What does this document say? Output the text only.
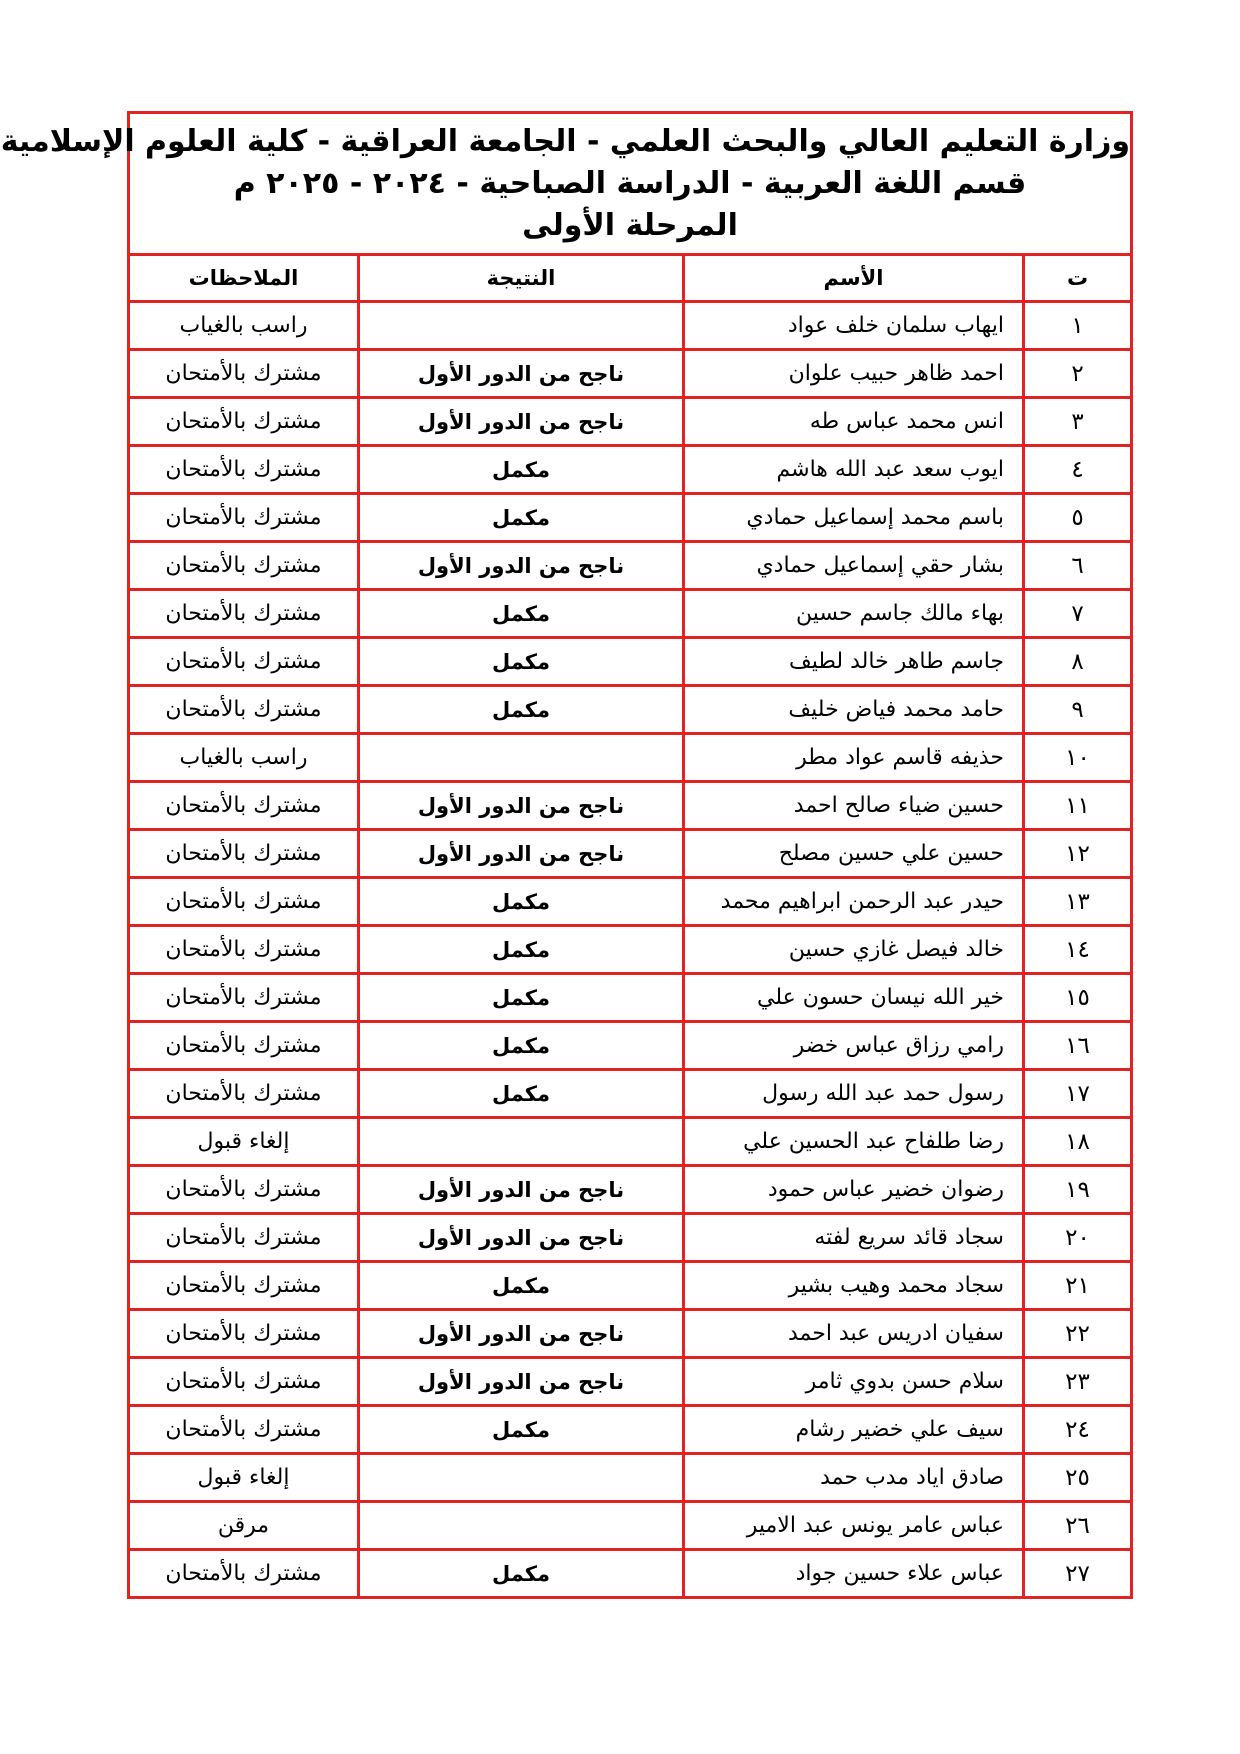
وزارة التعليم العالي والبحث العلمي - الجامعة العراقية - كلية العلوم الإسلامية
قسم اللغة العربية - الدراسة الصباحية - ٢٠٢٤ - ٢٠٢٥ م
المرحلة الأولى			

ت	الأسم	النتيجة	الملاحظات
١	ايهاب سلمان خلف عواد		راسب بالغياب
٢	احمد ظاهر حبيب علوان	ناجح من الدور الأول	مشترك بالأمتحان
٣	انس محمد عباس طه	ناجح من الدور الأول	مشترك بالأمتحان
٤	ايوب سعد عبد الله هاشم	مكمل	مشترك بالأمتحان
٥	باسم محمد إسماعيل حمادي	مكمل	مشترك بالأمتحان
٦	بشار حقي إسماعيل حمادي	ناجح من الدور الأول	مشترك بالأمتحان
٧	بهاء مالك جاسم حسين	مكمل	مشترك بالأمتحان
٨	جاسم طاهر خالد لطيف	مكمل	مشترك بالأمتحان
٩	حامد محمد فياض خليف	مكمل	مشترك بالأمتحان
١٠	حذيفه قاسم عواد مطر		راسب بالغياب
١١	حسين ضياء صالح احمد	ناجح من الدور الأول	مشترك بالأمتحان
١٢	حسين علي حسين مصلح	ناجح من الدور الأول	مشترك بالأمتحان
١٣	حيدر عبد الرحمن ابراهيم محمد	مكمل	مشترك بالأمتحان
١٤	خالد فيصل غازي حسين	مكمل	مشترك بالأمتحان
١٥	خير الله نيسان حسون علي	مكمل	مشترك بالأمتحان
١٦	رامي رزاق عباس خضر	مكمل	مشترك بالأمتحان
١٧	رسول حمد عبد الله رسول	مكمل	مشترك بالأمتحان
١٨	رضا طلفاح عبد الحسين علي		إلغاء قبول
١٩	رضوان خضير عباس حمود	ناجح من الدور الأول	مشترك بالأمتحان
٢٠	سجاد قائد سريع لفته	ناجح من الدور الأول	مشترك بالأمتحان
٢١	سجاد محمد وهيب بشير	مكمل	مشترك بالأمتحان
٢٢	سفيان ادريس عبد احمد	ناجح من الدور الأول	مشترك بالأمتحان
٢٣	سلام حسن بدوي ثامر	ناجح من الدور الأول	مشترك بالأمتحان
٢٤	سيف علي خضير رشام	مكمل	مشترك بالأمتحان
٢٥	صادق اياد مدب حمد		إلغاء قبول
٢٦	عباس عامر يونس عبد الامير		مرقن
٢٧	عباس علاء حسين جواد	مكمل	مشترك بالأمتحان
